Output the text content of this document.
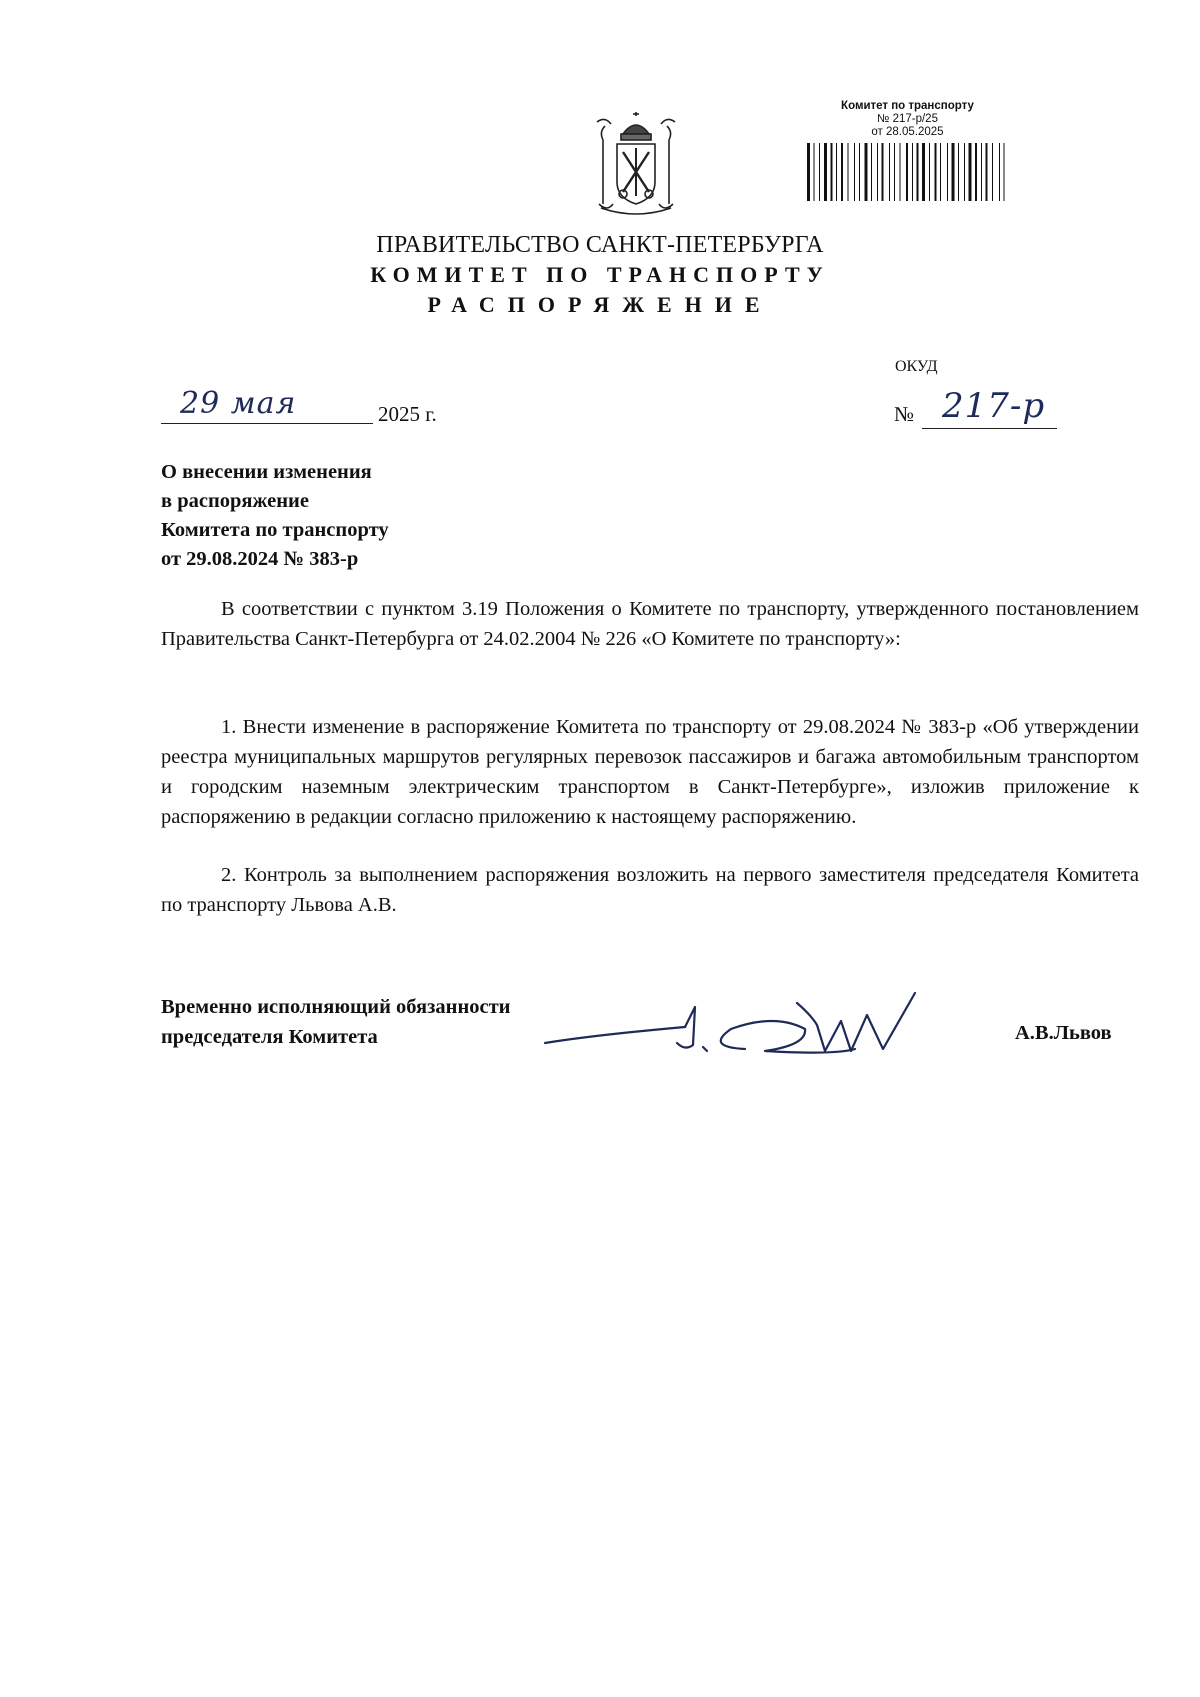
Комитет по транспорту
№ 217-р/25
от 28.05.2025
ПРАВИТЕЛЬСТВО САНКТ-ПЕТЕРБУРГА
КОМИТЕТ ПО ТРАНСПОРТУ
РАСПОРЯЖЕНИЕ
ОКУД
29 мая	2025 г.	№ 217-р
О внесении изменения
в распоряжение
Комитета по транспорту
от 29.08.2024 № 383-р
В соответствии с пунктом 3.19 Положения о Комитете по транспорту, утвержденного постановлением Правительства Санкт-Петербурга от 24.02.2004 № 226 «О Комитете по транспорту»:
1. Внести изменение в распоряжение Комитета по транспорту от 29.08.2024 № 383-р «Об утверждении реестра муниципальных маршрутов регулярных перевозок пассажиров и багажа автомобильным транспортом и городским наземным электрическим транспортом в Санкт-Петербурге», изложив приложение к распоряжению в редакции согласно приложению к настоящему распоряжению.
2. Контроль за выполнением распоряжения возложить на первого заместителя председателя Комитета по транспорту Львова А.В.
Временно исполняющий обязанности
председателя Комитета	А.В.Львов
